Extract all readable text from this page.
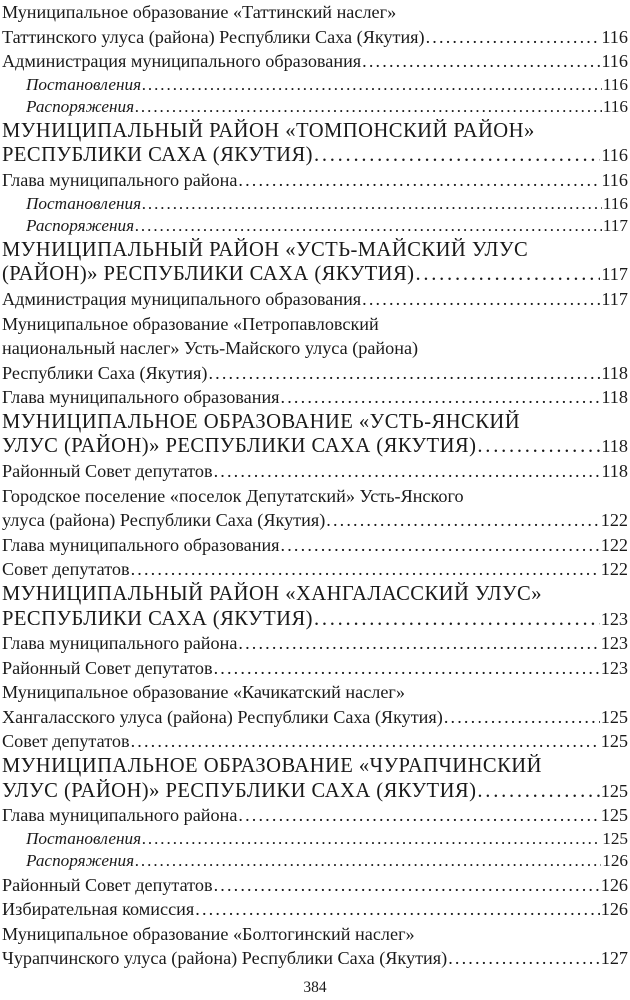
Муниципальное образование «Таттинский наслег»
Таттинского улуса (района) Республики Саха (Якутия) . . .	116
Администрация муниципального образования . . .	116
Постановления . . .	116
Распоряжения . . .	116
МУНИЦИПАЛЬНЫЙ РАЙОН «ТОМПОНСКИЙ РАЙОН»
РЕСПУБЛИКИ САХА (ЯКУТИЯ) . . .	116
Глава муниципального района . . .	116
Постановления . . .	116
Распоряжения . . .	117
МУНИЦИПАЛЬНЫЙ РАЙОН «УСТЬ-МАЙСКИЙ УЛУС
(РАЙОН)» РЕСПУБЛИКИ САХА (ЯКУТИЯ) . . .	117
Администрация муниципального образования . . .	117
Муниципальное образование «Петропавловский
национальный наслег» Усть-Майского улуса (района)
Республики Саха (Якутия) . . .	118
Глава муниципального образования . . .	118
МУНИЦИПАЛЬНОЕ ОБРАЗОВАНИЕ «УСТЬ-ЯНСКИЙ
УЛУС (РАЙОН)» РЕСПУБЛИКИ САХА (ЯКУТИЯ) . . .	118
Районный Совет депутатов . . .	118
Городское поселение «поселок Депутатский» Усть-Янского
улуса (района) Республики Саха (Якутия) . . .	122
Глава муниципального образования . . .	122
Совет депутатов . . .	122
МУНИЦИПАЛЬНЫЙ РАЙОН «ХАНГАЛАССКИЙ УЛУС»
РЕСПУБЛИКИ САХА (ЯКУТИЯ) . . .	123
Глава муниципального района . . .	123
Районный Совет депутатов . . .	123
Муниципальное образование «Качикатский наслег»
Хангаласского улуса (района) Республики Саха (Якутия) . . .	125
Совет депутатов . . .	125
МУНИЦИПАЛЬНОЕ ОБРАЗОВАНИЕ «ЧУРАПЧИНСКИЙ
УЛУС (РАЙОН)» РЕСПУБЛИКИ САХА (ЯКУТИЯ) . . .	125
Глава муниципального района . . .	125
Постановления . . .	125
Распоряжения . . .	126
Районный Совет депутатов . . .	126
Избирательная комиссия . . .	126
Муниципальное образование «Болтогинский наслег»
Чурапчинского улуса (района) Республики Саха (Якутия) . . .	127
384
